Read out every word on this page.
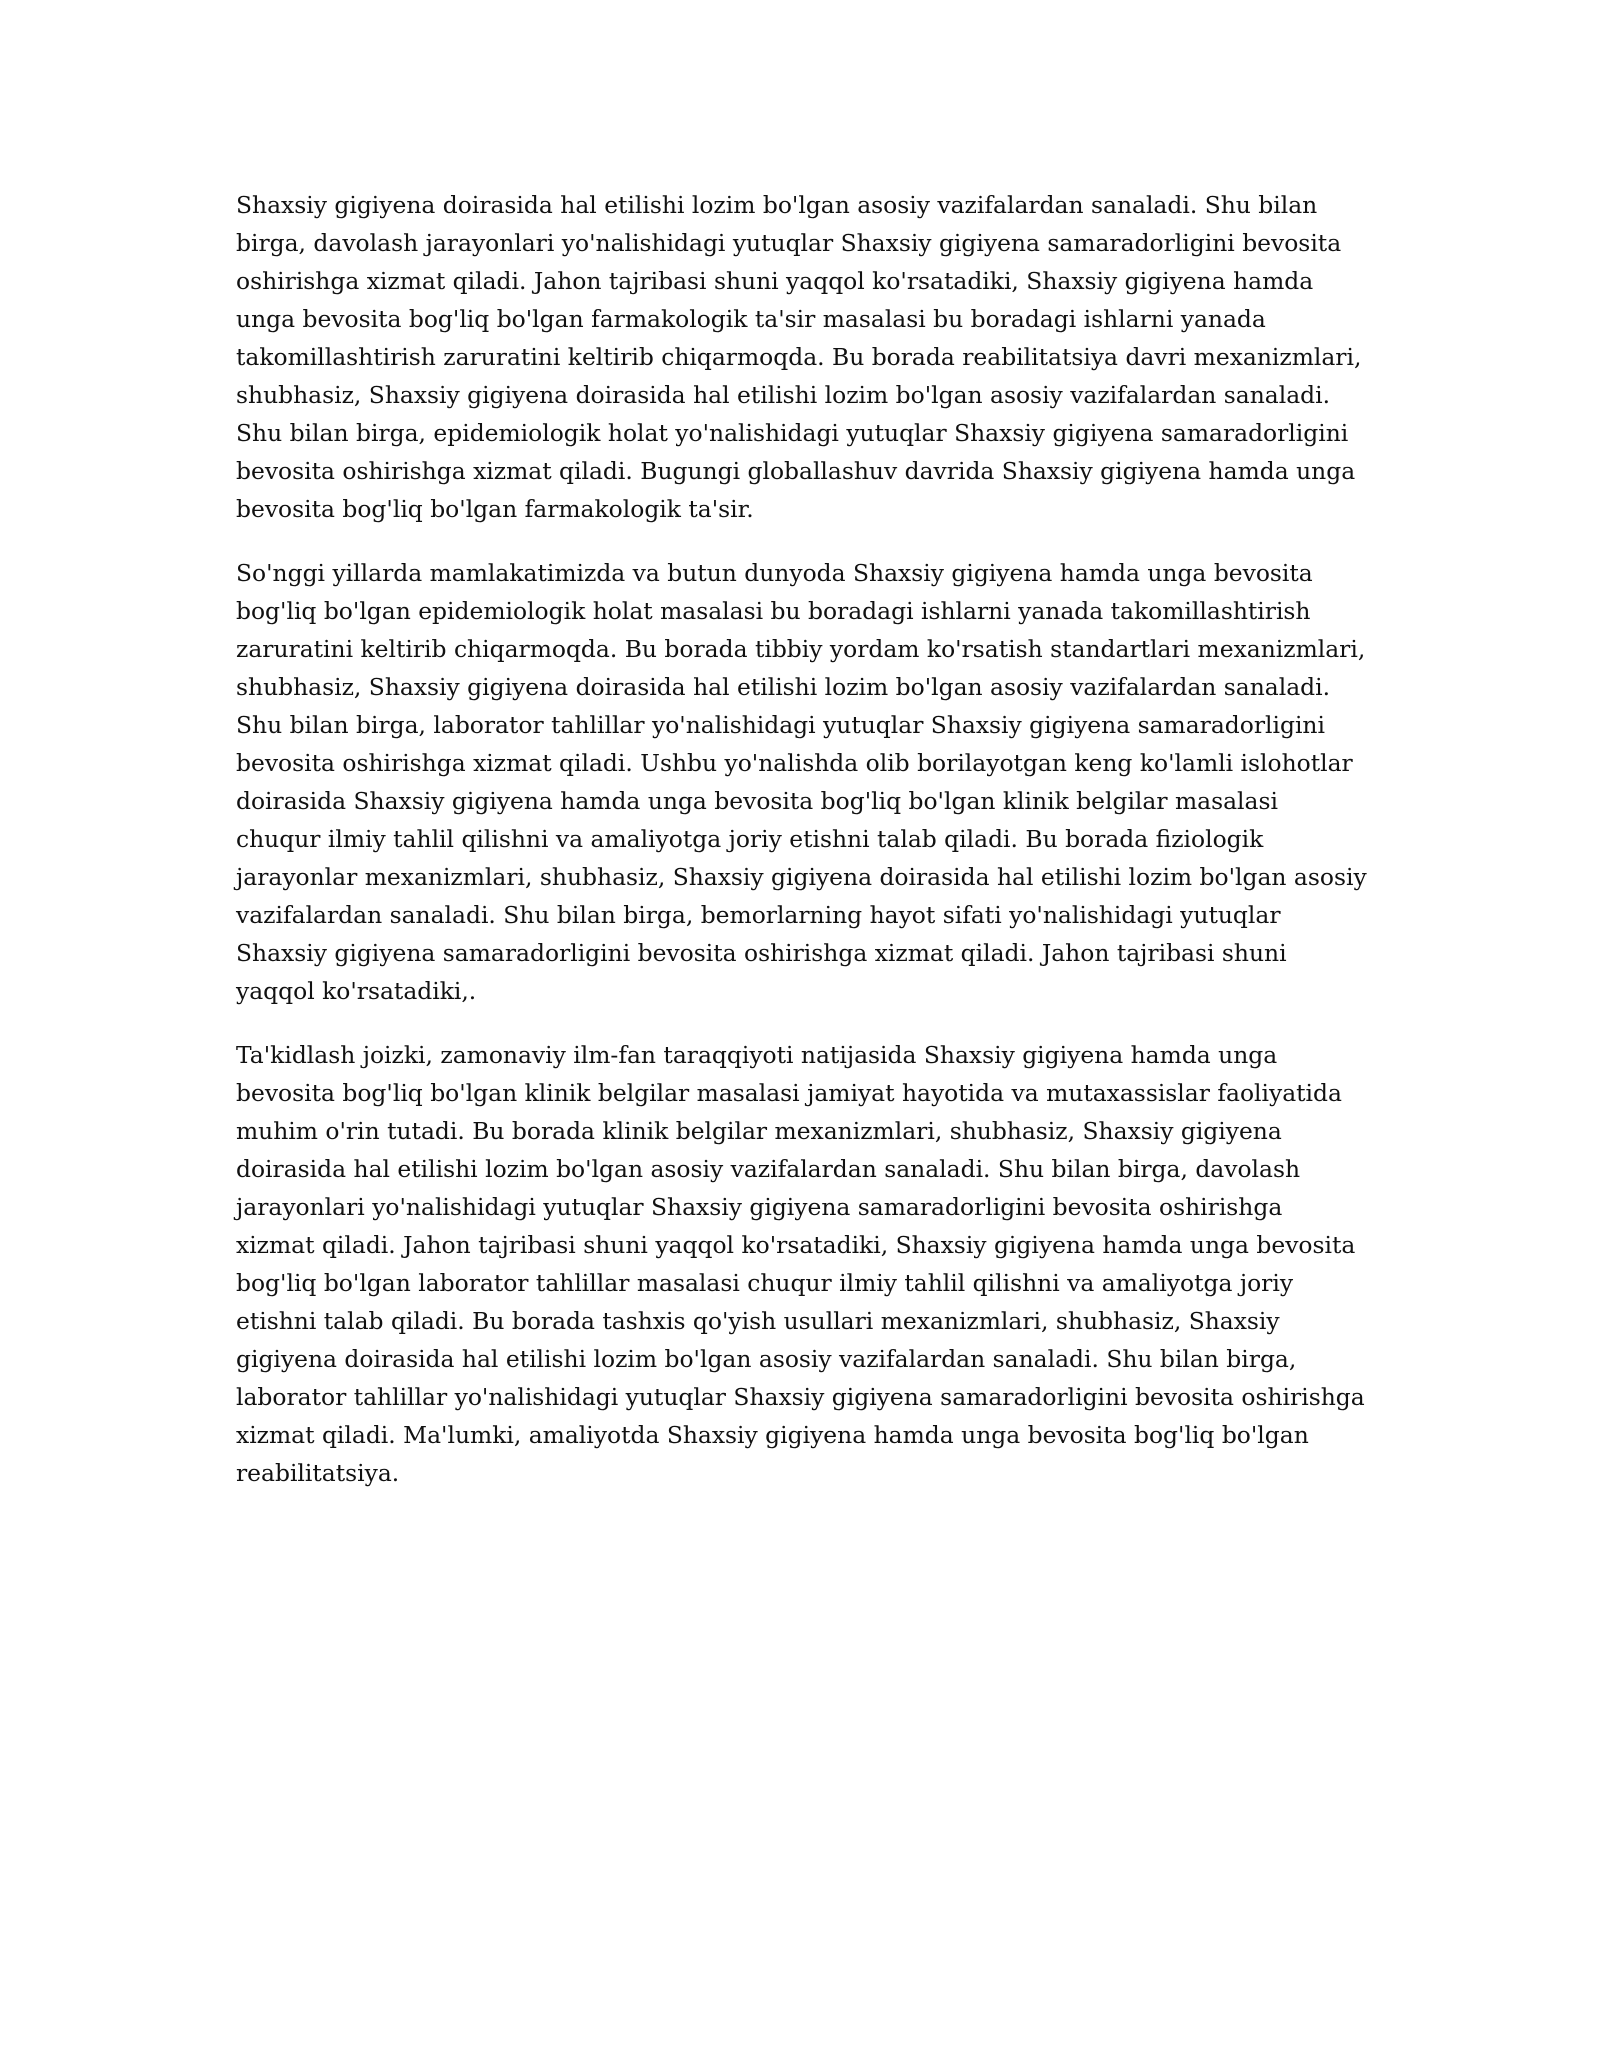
Shaxsiy gigiyena doirasida hal etilishi lozim bo'lgan asosiy vazifalardan sanaladi. Shu bilan birga, davolash jarayonlari yo'nalishidagi yutuqlar Shaxsiy gigiyena samaradorligini bevosita oshirishga xizmat qiladi. Jahon tajribasi shuni yaqqol ko'rsatadiki, Shaxsiy gigiyena hamda unga bevosita bog'liq bo'lgan farmakologik ta'sir masalasi bu boradagi ishlarni yanada takomillashtirish zaruratini keltirib chiqarmoqda. Bu borada reabilitatsiya davri mexanizmlari, shubhasiz, Shaxsiy gigiyena doirasida hal etilishi lozim bo'lgan asosiy vazifalardan sanaladi. Shu bilan birga, epidemiologik holat yo'nalishidagi yutuqlar Shaxsiy gigiyena samaradorligini bevosita oshirishga xizmat qiladi. Bugungi globallashuv davrida Shaxsiy gigiyena hamda unga bevosita bog'liq bo'lgan farmakologik ta'sir.

So'nggi yillarda mamlakatimizda va butun dunyoda Shaxsiy gigiyena hamda unga bevosita bog'liq bo'lgan epidemiologik holat masalasi bu boradagi ishlarni yanada takomillashtirish zaruratini keltirib chiqarmoqda. Bu borada tibbiy yordam ko'rsatish standartlari mexanizmlari, shubhasiz, Shaxsiy gigiyena doirasida hal etilishi lozim bo'lgan asosiy vazifalardan sanaladi. Shu bilan birga, laborator tahlillar yo'nalishidagi yutuqlar Shaxsiy gigiyena samaradorligini bevosita oshirishga xizmat qiladi. Ushbu yo'nalishda olib borilayotgan keng ko'lamli islohotlar doirasida Shaxsiy gigiyena hamda unga bevosita bog'liq bo'lgan klinik belgilar masalasi chuqur ilmiy tahlil qilishni va amaliyotga joriy etishni talab qiladi. Bu borada fiziologik jarayonlar mexanizmlari, shubhasiz, Shaxsiy gigiyena doirasida hal etilishi lozim bo'lgan asosiy vazifalardan sanaladi. Shu bilan birga, bemorlarning hayot sifati yo'nalishidagi yutuqlar Shaxsiy gigiyena samaradorligini bevosita oshirishga xizmat qiladi. Jahon tajribasi shuni yaqqol ko'rsatadiki,.

Ta'kidlash joizki, zamonaviy ilm-fan taraqqiyoti natijasida Shaxsiy gigiyena hamda unga bevosita bog'liq bo'lgan klinik belgilar masalasi jamiyat hayotida va mutaxassislar faoliyatida muhim o'rin tutadi. Bu borada klinik belgilar mexanizmlari, shubhasiz, Shaxsiy gigiyena doirasida hal etilishi lozim bo'lgan asosiy vazifalardan sanaladi. Shu bilan birga, davolash jarayonlari yo'nalishidagi yutuqlar Shaxsiy gigiyena samaradorligini bevosita oshirishga xizmat qiladi. Jahon tajribasi shuni yaqqol ko'rsatadiki, Shaxsiy gigiyena hamda unga bevosita bog'liq bo'lgan laborator tahlillar masalasi chuqur ilmiy tahlil qilishni va amaliyotga joriy etishni talab qiladi. Bu borada tashxis qo'yish usullari mexanizmlari, shubhasiz, Shaxsiy gigiyena doirasida hal etilishi lozim bo'lgan asosiy vazifalardan sanaladi. Shu bilan birga, laborator tahlillar yo'nalishidagi yutuqlar Shaxsiy gigiyena samaradorligini bevosita oshirishga xizmat qiladi. Ma'lumki, amaliyotda Shaxsiy gigiyena hamda unga bevosita bog'liq bo'lgan reabilitatsiya.
